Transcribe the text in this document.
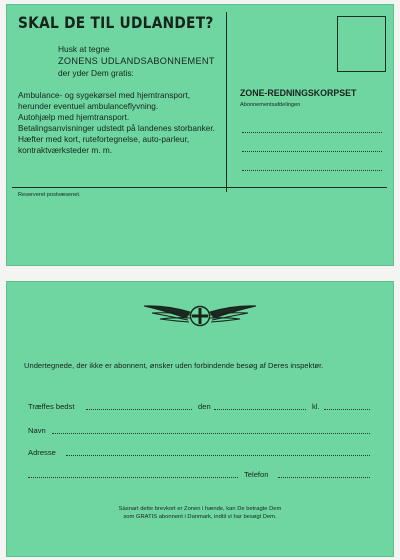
SKAL DE TIL UDLANDET?
Husk at tegne
ZONENS UDLANDSABONNEMENT
der yder Dem gratis:
Ambulance- og sygekørsel med hjemtransport,
herunder eventuel ambulanceflyvning.
Autohjælp med hjemtransport.
Betalingsanvisninger udstedt på landenes storbanker.
Hæfter med kort, rutefortegnelse, auto-parleur,
kontraktværksteder m. m.
Reserveret postvæsenet.
ZONE-REDNINGSKORPSET
Abonnementsafdelingen
Undertegnede, der ikke er abonnent, ønsker uden forbindende besøg af Deres inspektør.
Træffes bedst	den	kl.
Navn
Adresse
Telefon
Sàsnart dette brevkort er Zonen i hænde, kan De betragte Dem
som GRATIS abonnent i Danmark, indtil vi har besøgt Dem.
